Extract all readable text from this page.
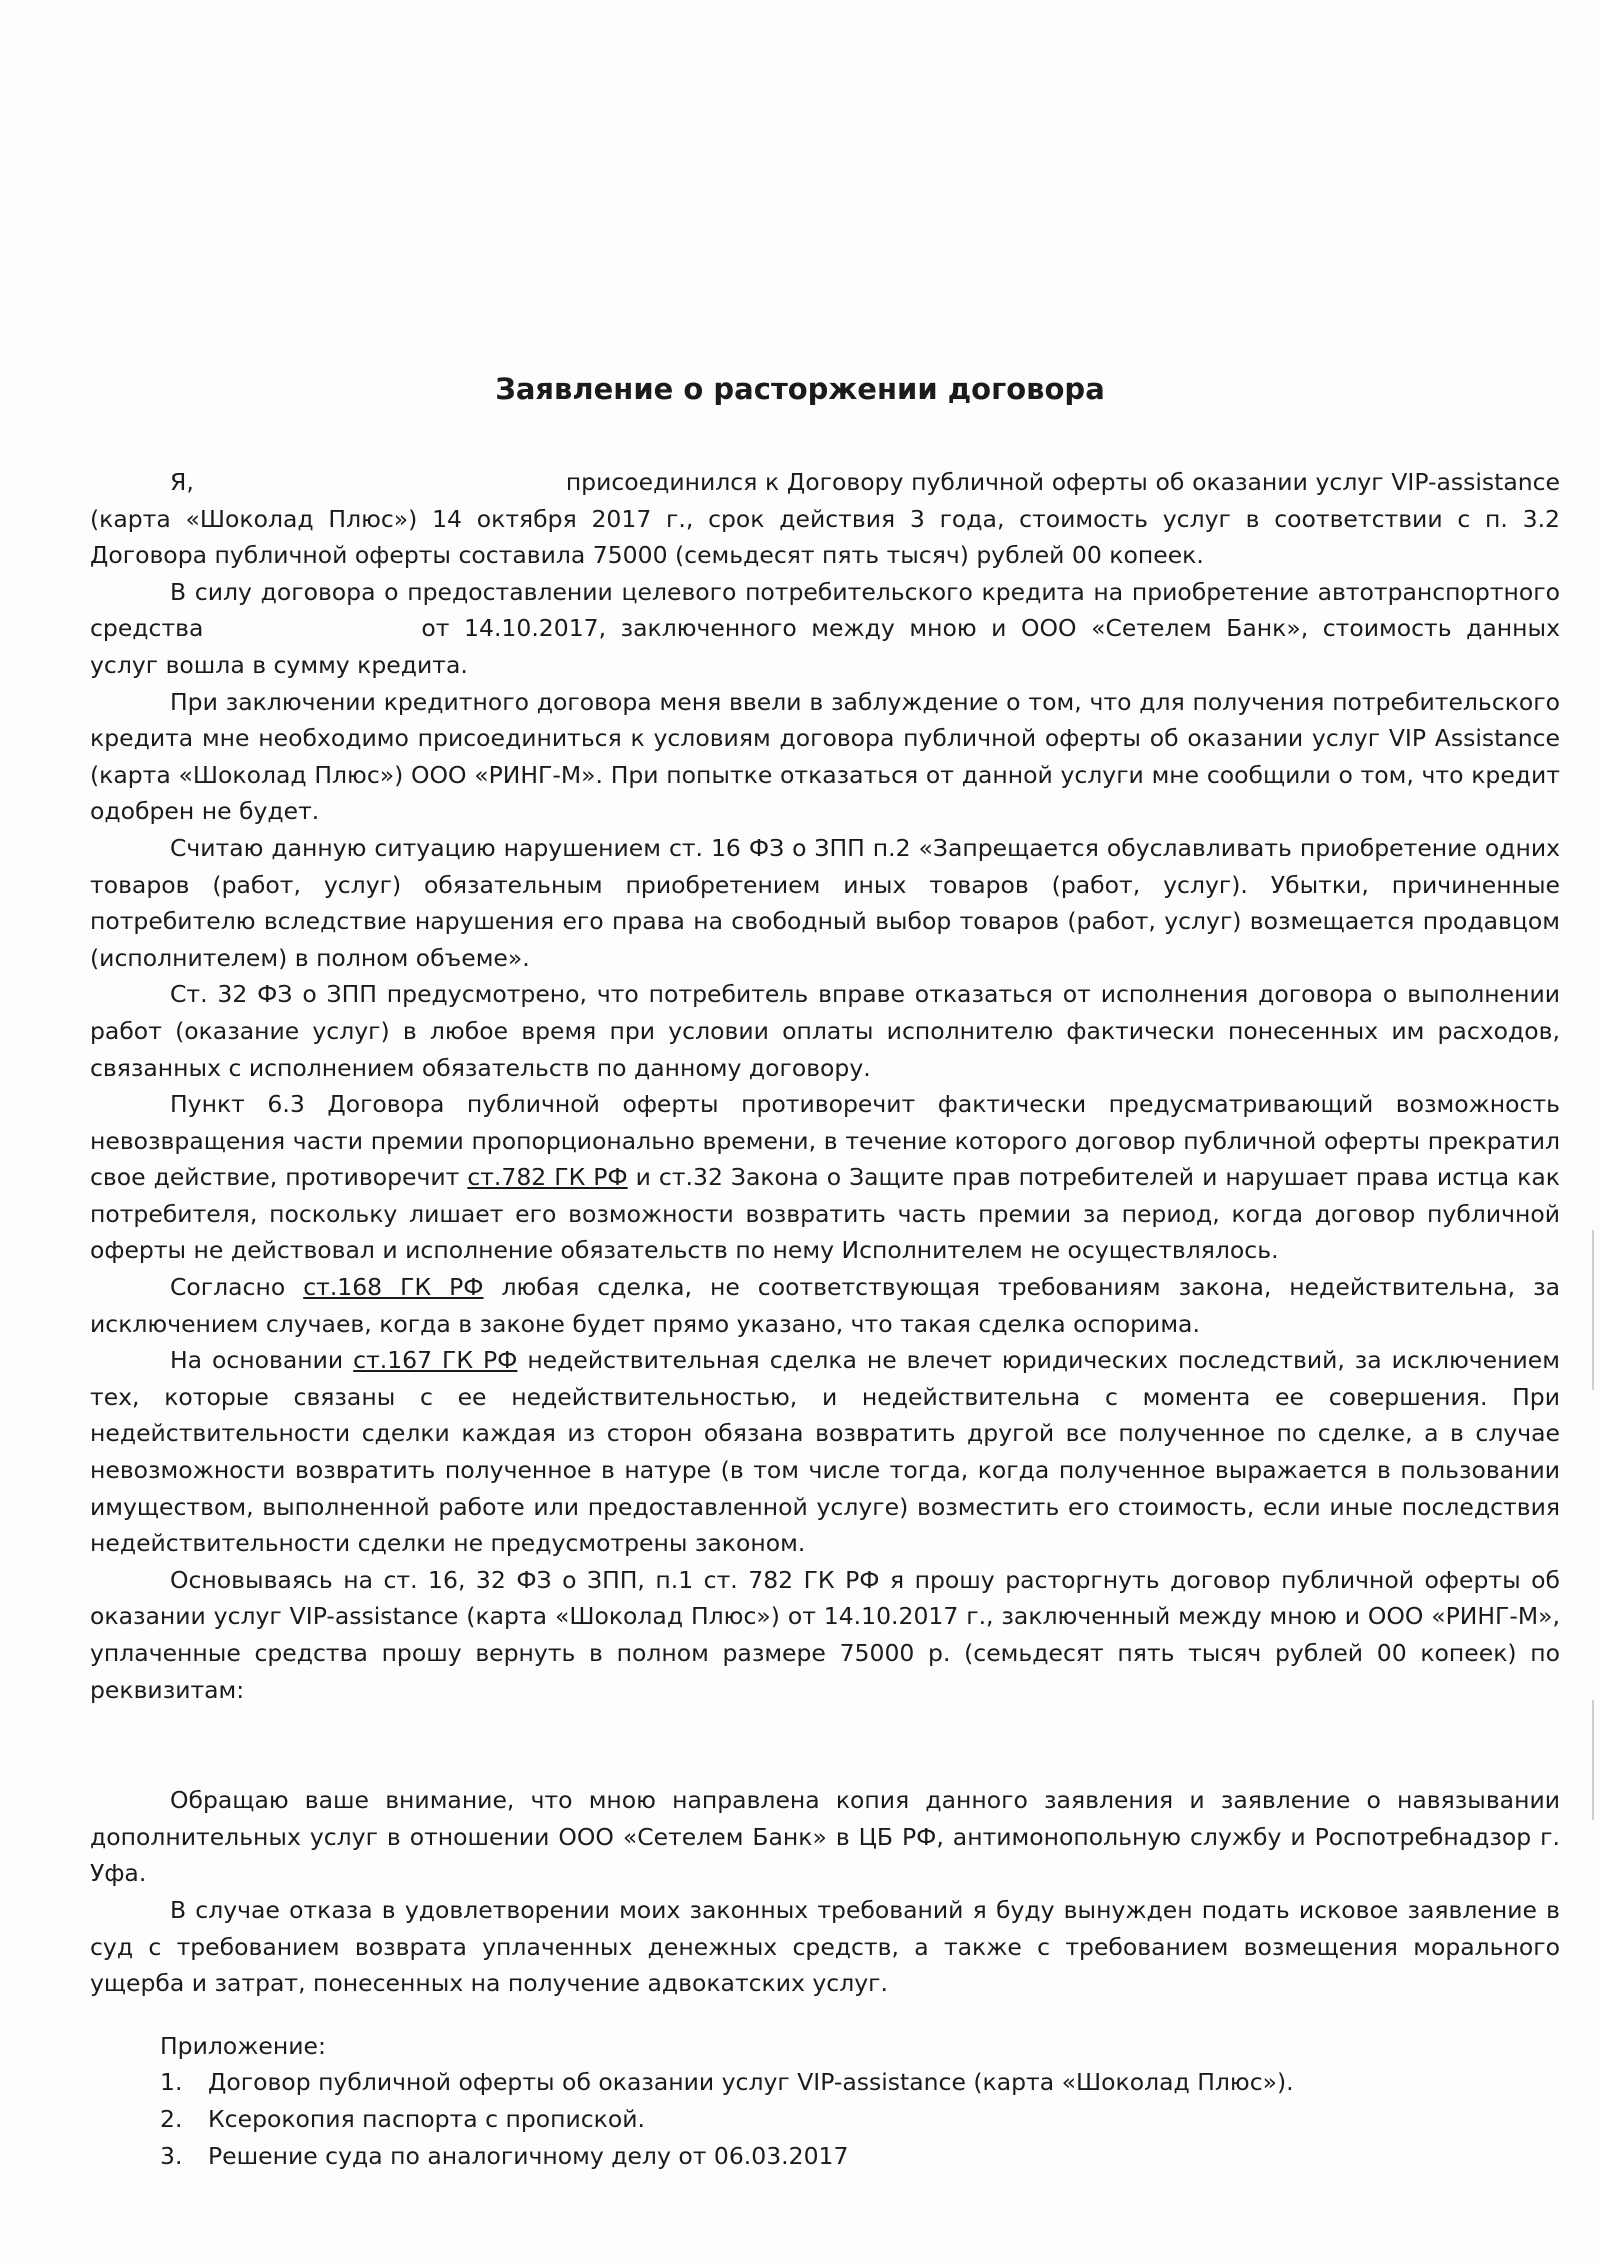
Заявление о расторжении договора

Я,	присоединился к Договору публичной оферты об оказании услуг VIP-assistance (карта «Шоколад Плюс») 14 октября 2017 г., срок действия 3 года, стоимость услуг в соответствии с п. 3.2 Договора публичной оферты составила 75000 (семьдесят пять тысяч) рублей 00 копеек.

В силу договора о предоставлении целевого потребительского кредита на приобретение автотранспортного средства	от 14.10.2017, заключенного между мною и ООО «Сетелем Банк», стоимость данных услуг вошла в сумму кредита.

При заключении кредитного договора меня ввели в заблуждение о том, что для получения потребительского кредита мне необходимо присоединиться к условиям договора публичной оферты об оказании услуг VIP Assistance (карта «Шоколад Плюс») ООО «РИНГ-М». При попытке отказаться от данной услуги мне сообщили о том, что кредит одобрен не будет.

Считаю данную ситуацию нарушением ст. 16 ФЗ о ЗПП п.2 «Запрещается обуславливать приобретение одних товаров (работ, услуг) обязательным приобретением иных товаров (работ, услуг). Убытки, причиненные потребителю вследствие нарушения его права на свободный выбор товаров (работ, услуг) возмещается продавцом (исполнителем) в полном объеме».

Ст. 32 ФЗ о ЗПП предусмотрено, что потребитель вправе отказаться от исполнения договора о выполнении работ (оказание услуг) в любое время при условии оплаты исполнителю фактически понесенных им расходов, связанных с исполнением обязательств по данному договору.

Пункт 6.3 Договора публичной оферты противоречит фактически предусматривающий возможность невозвращения части премии пропорционально времени, в течение которого договор публичной оферты прекратил свое действие, противоречит ст.782 ГК РФ и ст.32 Закона о Защите прав потребителей и нарушает права истца как потребителя, поскольку лишает его возможности возвратить часть премии за период, когда договор публичной оферты не действовал и исполнение обязательств по нему Исполнителем не осуществлялось.

Согласно ст.168 ГК РФ любая сделка, не соответствующая требованиям закона, недействительна, за исключением случаев, когда в законе будет прямо указано, что такая сделка оспорима.

На основании ст.167 ГК РФ недействительная сделка не влечет юридических последствий, за исключением тех, которые связаны с ее недействительностью, и недействительна с момента ее совершения. При недействительности сделки каждая из сторон обязана возвратить другой все полученное по сделке, а в случае невозможности возвратить полученное в натуре (в том числе тогда, когда полученное выражается в пользовании имуществом, выполненной работе или предоставленной услуге) возместить его стоимость, если иные последствия недействительности сделки не предусмотрены законом.

Основываясь на ст. 16, 32 ФЗ о ЗПП, п.1 ст. 782 ГК РФ я прошу расторгнуть договор публичной оферты об оказании услуг VIP-assistance (карта «Шоколад Плюс») от 14.10.2017 г., заключенный между мною и ООО «РИНГ-М», уплаченные средства прошу вернуть в полном размере 75000 р. (семьдесят пять тысяч рублей 00 копеек) по реквизитам:

Обращаю ваше внимание, что мною направлена копия данного заявления и заявление о навязывании дополнительных услуг в отношении ООО «Сетелем Банк» в ЦБ РФ, антимонопольную службу и Роспотребнадзор г. Уфа.

В случае отказа в удовлетворении моих законных требований я буду вынужден подать исковое заявление в суд с требованием возврата уплаченных денежных средств, а также с требованием возмещения морального ущерба и затрат, понесенных на получение адвокатских услуг.

Приложение:
1.	Договор публичной оферты об оказании услуг VIP-assistance (карта «Шоколад Плюс»).
2.	Ксерокопия паспорта с пропиской.
3.	Решение суда по аналогичному делу от 06.03.2017
